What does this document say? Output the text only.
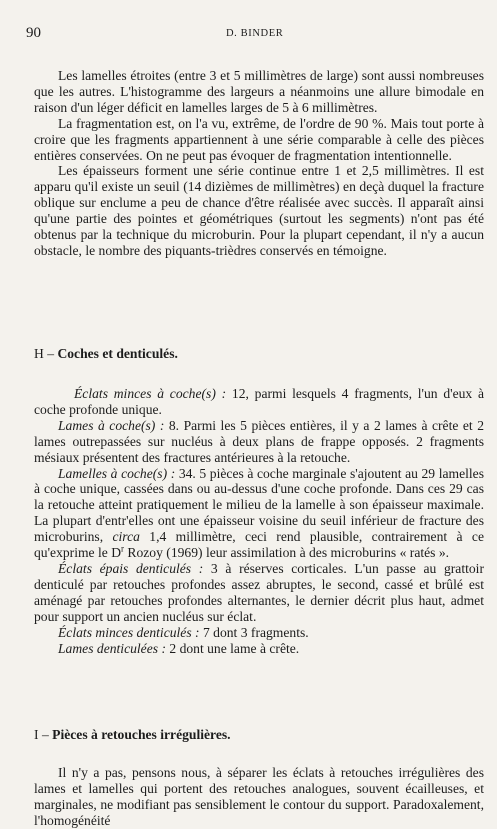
90	D. BINDER

Les lamelles étroites (entre 3 et 5 millimètres de large) sont aussi nombreuses que les autres. L'histogramme des largeurs a néanmoins une allure bimodale en raison d'un léger déficit en lamelles larges de 5 à 6 millimètres.

La fragmentation est, on l'a vu, extrême, de l'ordre de 90 %. Mais tout porte à croire que les fragments appartiennent à une série comparable à celle des pièces entières conservées. On ne peut pas évoquer de fragmentation intentionnelle.

Les épaisseurs forment une série continue entre 1 et 2,5 millimètres. Il est apparu qu'il existe un seuil (14 dizièmes de millimètres) en deçà duquel la fracture oblique sur enclume a peu de chance d'être réalisée avec succès. Il apparaît ainsi qu'une partie des pointes et géométriques (surtout les segments) n'ont pas été obtenus par la technique du microburin. Pour la plupart cependant, il n'y a aucun obstacle, le nombre des piquants-trièdres conservés en témoigne.

H – Coches et denticulés.

Éclats minces à coche(s) : 12, parmi lesquels 4 fragments, l'un d'eux à coche profonde unique.

Lames à coche(s) : 8. Parmi les 5 pièces entières, il y a 2 lames à crête et 2 lames outrepassées sur nucléus à deux plans de frappe opposés. 2 fragments mésiaux présentent des fractures antérieures à la retouche.

Lamelles à coche(s) : 34. 5 pièces à coche marginale s'ajoutent au 29 lamelles à coche unique, cassées dans ou au-dessus d'une coche profonde. Dans ces 29 cas la retouche atteint pratiquement le milieu de la lamelle à son épaisseur maximale. La plupart d'entr'elles ont une épaisseur voisine du seuil inférieur de fracture des microburins, circa 1,4 millimètre, ceci rend plausible, contrairement à ce qu'exprime le $D^r$ Rozoy (1969) leur assimilation à des microburins « ratés ».

Éclats épais denticulés : 3 à réserves corticales. L'un passe au grattoir denticulé par retouches profondes assez abruptes, le second, cassé et brûlé est aménagé par retouches profondes alternantes, le dernier décrit plus haut, admet pour support un ancien nucléus sur éclat.

Éclats minces denticulés : 7 dont 3 fragments.

Lames denticulées : 2 dont une lame à crête.

I – Pièces à retouches irrégulières.

Il n'y a pas, pensons nous, à séparer les éclats à retouches irrégulières des lames et lamelles qui portent des retouches analogues, souvent écailleuses, et marginales, ne modifiant pas sensiblement le contour du support. Paradoxalement, l'homogénéité
